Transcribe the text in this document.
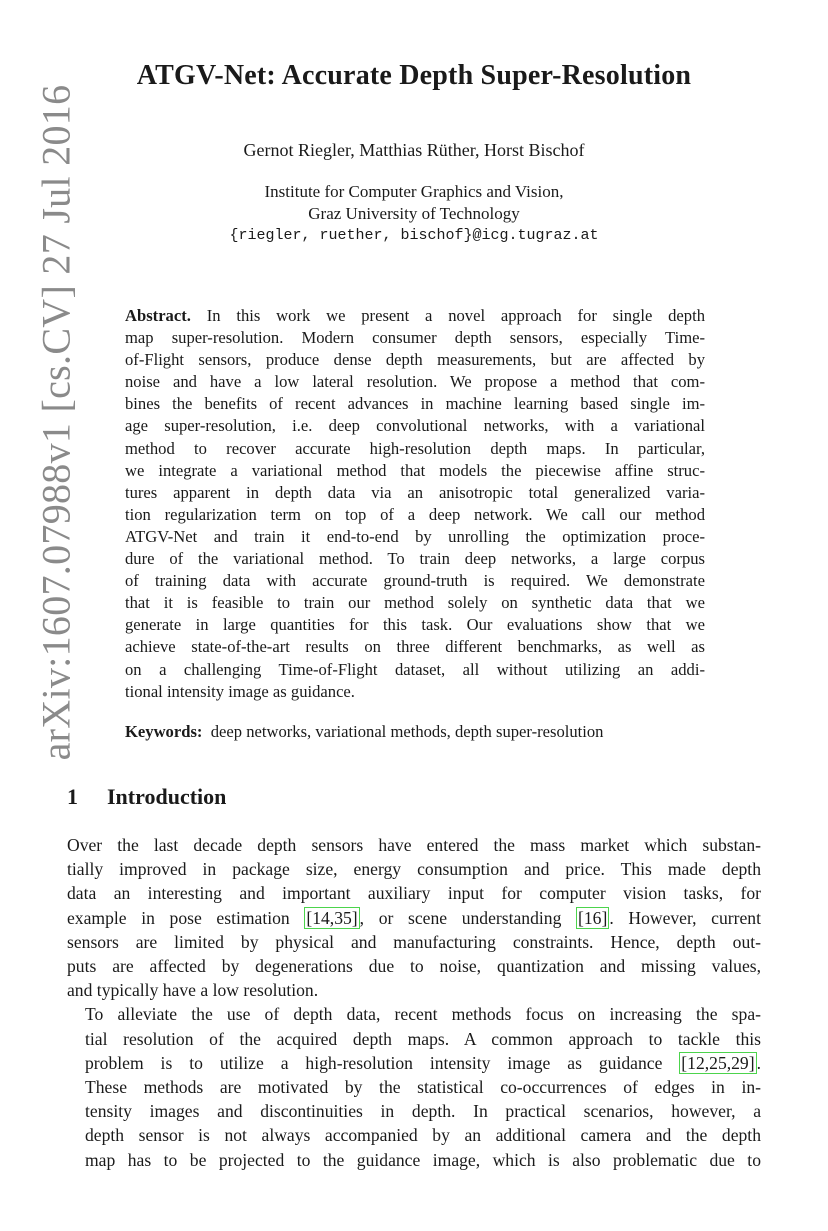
arXiv:1607.07988v1 [cs.CV] 27 Jul 2016
ATGV-Net: Accurate Depth Super-Resolution
Gernot Riegler, Matthias Rüther, Horst Bischof
Institute for Computer Graphics and Vision,
Graz University of Technology
{riegler, ruether, bischof}@icg.tugraz.at
Abstract. In this work we present a novel approach for single depth
map super-resolution. Modern consumer depth sensors, especially Time-
of-Flight sensors, produce dense depth measurements, but are affected by
noise and have a low lateral resolution. We propose a method that com-
bines the benefits of recent advances in machine learning based single im-
age super-resolution, i.e. deep convolutional networks, with a variational
method to recover accurate high-resolution depth maps. In particular,
we integrate a variational method that models the piecewise affine struc-
tures apparent in depth data via an anisotropic total generalized varia-
tion regularization term on top of a deep network. We call our method
ATGV-Net and train it end-to-end by unrolling the optimization proce-
dure of the variational method. To train deep networks, a large corpus
of training data with accurate ground-truth is required. We demonstrate
that it is feasible to train our method solely on synthetic data that we
generate in large quantities for this task. Our evaluations show that we
achieve state-of-the-art results on three different benchmarks, as well as
on a challenging Time-of-Flight dataset, all without utilizing an addi-
tional intensity image as guidance.
Keywords: deep networks, variational methods, depth super-resolution
1 Introduction

Over the last decade depth sensors have entered the mass market which substan-
tially improved in package size, energy consumption and price. This made depth
data an interesting and important auxiliary input for computer vision tasks, for
example in pose estimation [14,35] , or scene understanding [16] . However, current
sensors are limited by physical and manufacturing constraints. Hence, depth out-
puts are affected by degenerations due to noise, quantization and missing values,
and typically have a low resolution.

To alleviate the use of depth data, recent methods focus on increasing the spa-
tial resolution of the acquired depth maps. A common approach to tackle this
problem is to utilize a high-resolution intensity image as guidance [12,25,29] .
These methods are motivated by the statistical co-occurrences of edges in in-
tensity images and discontinuities in depth. In practical scenarios, however, a
depth sensor is not always accompanied by an additional camera and the depth
map has to be projected to the guidance image, which is also problematic due to
